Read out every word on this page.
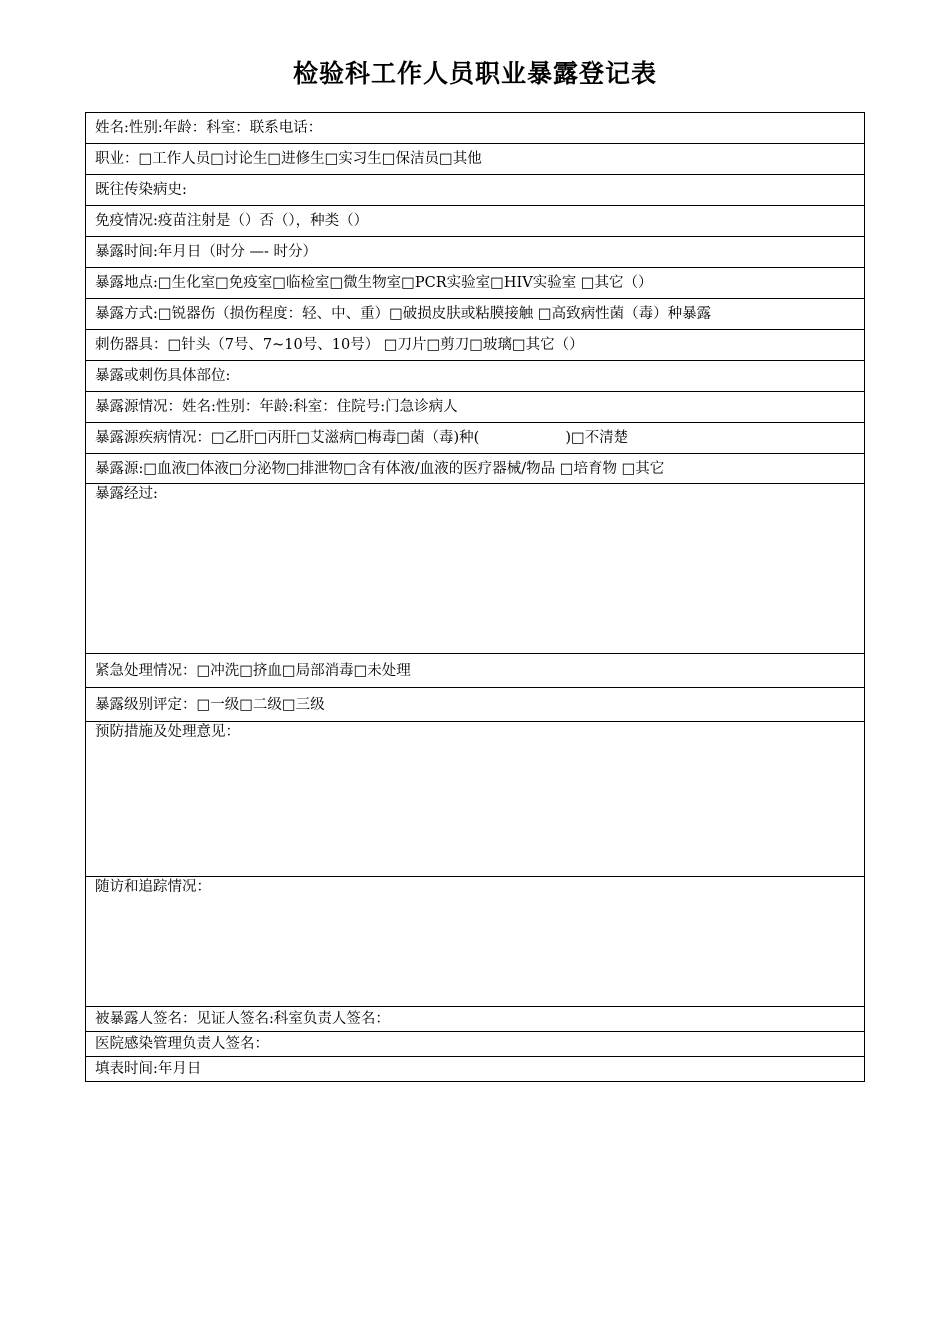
检验科工作人员职业暴露登记表
姓名:性别:年龄：科室：联系电话：
职业：□工作人员□讨论生□进修生□实习生□保洁员□其他
既往传染病史:
免疫情况:疫苗注射是（）否（），种类（）
暴露时间:年月日（时分 —- 时分）
暴露地点:□生化室□免疫室□临检室□微生物室□PCR实验室□HIV实验室 □其它（）
暴露方式:□锐器伤（损伤程度：轻、中、重）□破损皮肤或粘膜接触 □高致病性菌（毒）种暴露
刺伤器具：□针头（7号、7~10号、10号） □刀片□剪刀□玻璃□其它（）
暴露或刺伤具体部位:
暴露源情况：姓名:性别：年龄:科室：住院号:门急诊病人
暴露源疾病情况：□乙肝□丙肝□艾滋病□梅毒□菌（毒)种(	)□不清楚
暴露源:□血液□体液□分泌物□排泄物□含有体液/血液的医疗器械/物品 □培育物 □其它
暴露经过:
紧急处理情况：□冲洗□挤血□局部消毒□未处理
暴露级别评定：□一级□二级□三级
预防措施及处理意见：
随访和追踪情况：
被暴露人签名：见证人签名:科室负责人签名：
医院感染管理负责人签名：
填表时间:年月日
